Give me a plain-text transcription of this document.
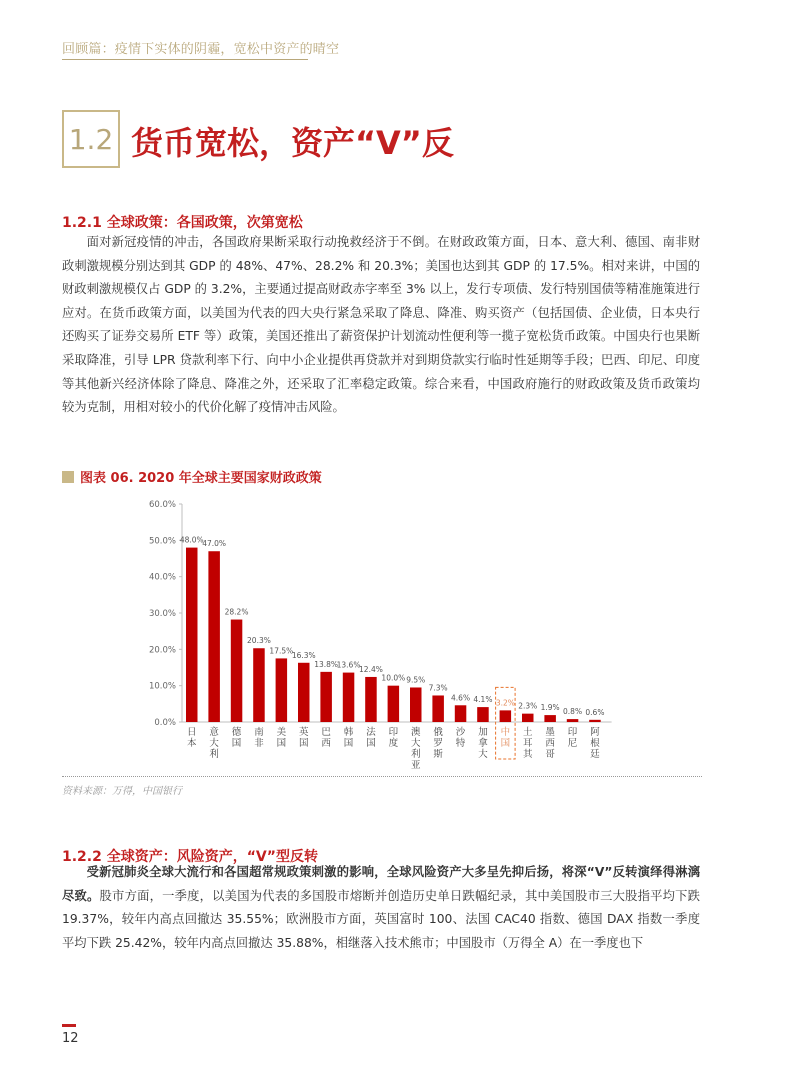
回顾篇：疫情下实体的阴霾，宽松中资产的晴空
1.2 货币宽松，资产“V”反
1.2.1 全球政策：各国政策，次第宽松

面对新冠疫情的冲击，各国政府果断采取行动挽救经济于不倒。在财政政策方面，日本、意大利、德国、南非财政刺激规模分别达到其 GDP 的 48%、47%、28.2% 和 20.3%；美国也达到其 GDP 的 17.5%。相对来讲，中国的财政刺激规模仅占 GDP 的 3.2%，主要通过提高财政赤字率至 3% 以上，发行专项债、发行特别国债等精准施策进行应对。在货币政策方面，以美国为代表的四大央行紧急采取了降息、降准、购买资产（包括国债、企业债，日本央行还购买了证券交易所 ETF 等）政策，美国还推出了薪资保护计划流动性便利等一揽子宽松货币政策。中国央行也果断采取降准，引导 LPR 贷款利率下行、向中小企业提供再贷款并对到期贷款实行临时性延期等手段；巴西、印尼、印度等其他新兴经济体除了降息、降准之外，还采取了汇率稳定政策。综合来看，中国政府施行的财政政策及货币政策均较为克制，用相对较小的代价化解了疫情冲击风险。

图表 06. 2020 年全球主要国家财政政策
0.0%
10.0%
20.0%
30.0%
40.0%
50.0%
60.0%
48.0%
日本
47.0%
意大利
28.2%
德国
20.3%
南非
17.5%
美国
16.3%
英国
13.8%
巴西
13.6%
韩国
12.4%
法国
10.0%
印度
9.5%
澳大利亚
7.3%
俄罗斯
4.6%
沙特
4.1%
加拿大
3.2%
中国
2.3%
土耳其
1.9%
墨西哥
0.8%
印尼
0.6%
阿根廷
资料来源：万得，中国银行
1.2.2 全球资产：风险资产，“V”型反转

受新冠肺炎全球大流行和各国超常规政策刺激的影响，全球风险资产大多呈先抑后扬，将深“V”反转演绎得淋漓尽致。股市方面，一季度，以美国为代表的多国股市熔断并创造历史单日跌幅纪录，其中美国股市三大股指平均下跌 19.37%，较年内高点回撤达 35.55%；欧洲股市方面，英国富时 100、法国 CAC40 指数、德国 DAX 指数一季度平均下跌 25.42%，较年内高点回撤达 35.88%，相继落入技术熊市；中国股市（万得全 A）在一季度也下

12
